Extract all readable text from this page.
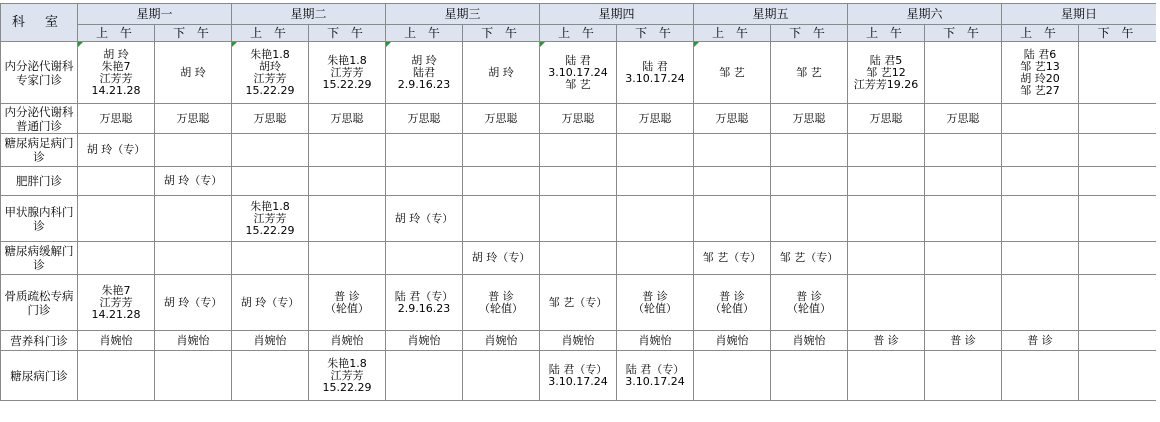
科 室	星期一		星期二		星期三		星期四		星期五		星期六		星期日	
	上 午	下 午	上 午	下 午	上 午	下 午	上 午	下 午	上 午	下 午	上 午	下 午	上 午	下 午
内分泌代谢科专家门诊	胡 玲
朱艳7
江芳芳
14.21.28	胡 玲	朱艳1.8
胡玲
江芳芳
15.22.29	朱艳1.8
江芳芳
15.22.29	胡 玲
陆君
2.9.16.23	胡 玲	陆 君
3.10.17.24
邹 艺	陆 君
3.10.17.24	邹 艺	邹 艺	陆 君5
邹 艺12
江芳芳19.26		陆 君6
邹 艺13
胡 玲20
邹 艺27	
内分泌代谢科普通门诊	万思聪	万思聪	万思聪	万思聪	万思聪	万思聪	万思聪	万思聪	万思聪	万思聪	万思聪	万思聪		
糖尿病足病门诊	胡 玲（专）													
肥胖门诊		胡 玲（专）												
甲状腺内科门诊			朱艳1.8
江芳芳
15.22.29		胡 玲（专）									
糖尿病缓解门诊						胡 玲（专）			邹 艺（专）	邹 艺（专）				
骨质疏松专病门诊	朱艳7
江芳芳
14.21.28	胡 玲（专）	胡 玲（专）	普 诊
（轮值）	陆 君（专）
2.9.16.23	普 诊
（轮值）	邹 艺（专）	普 诊
（轮值）	普 诊
（轮值）	普 诊
（轮值）				
营养科门诊	肖婉怡	肖婉怡	肖婉怡	肖婉怡	肖婉怡	肖婉怡	肖婉怡	肖婉怡	肖婉怡	肖婉怡	普 诊	普 诊	普 诊	
糖尿病门诊				朱艳1.8
江芳芳
15.22.29			陆 君（专）
3.10.17.24	陆 君（专）
3.10.17.24						
